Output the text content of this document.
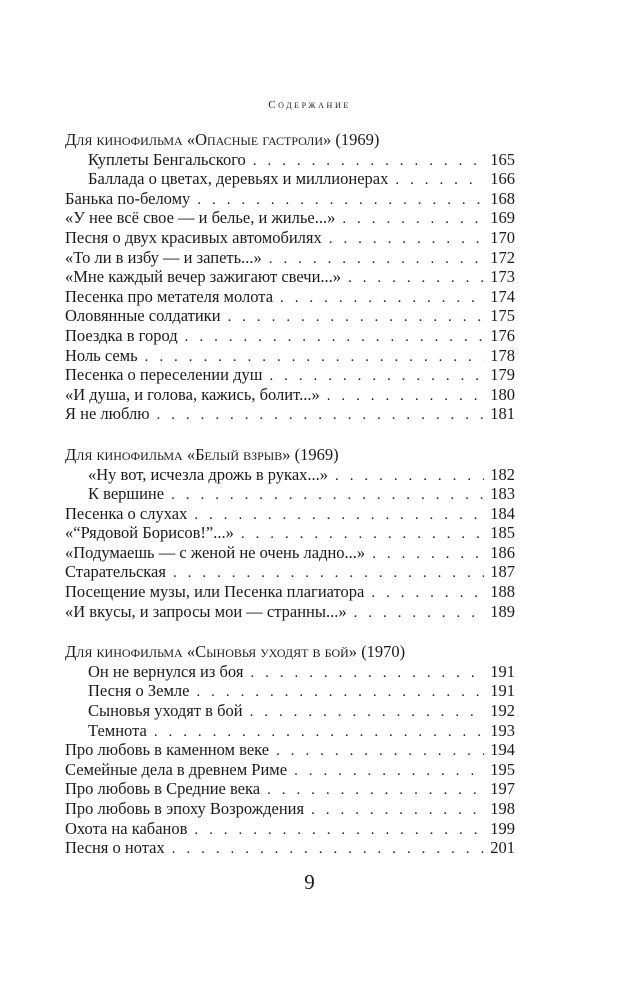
Содержание
Для кинофильма «Опасные гастроли» (1969)
Куплеты Бенгальского . . .	165
Баллада о цветах, деревьях и миллионерах . . .	166
Банька по-белому . . .	168
«У нее всё свое — и белье, и жилье...» . . .	169
Песня о двух красивых автомобилях . . .	170
«То ли в избу — и запеть...» . . .	172
«Мне каждый вечер зажигают свечи...» . . .	173
Песенка про метателя молота . . .	174
Оловянные солдатики . . .	175
Поездка в город . . .	176
Ноль семь . . .	178
Песенка о переселении душ . . .	179
«И душа, и голова, кажись, болит...» . . .	180
Я не люблю . . .	181
Для кинофильма «Белый взрыв» (1969)
«Ну вот, исчезла дрожь в руках...» . . .	182
К вершине . . .	183
Песенка о слухах . . .	184
«“Рядовой Борисов!”...» . . .	185
«Подумаешь — с женой не очень ладно...» . . .	186
Старательская . . .	187
Посещение музы, или Песенка плагиатора . . .	188
«И вкусы, и запросы мои — странны...» . . .	189
Для кинофильма «Сыновья уходят в бой» (1970)
Он не вернулся из боя . . .	191
Песня о Земле . . .	191
Сыновья уходят в бой . . .	192
Темнота . . .	193
Про любовь в каменном веке . . .	194
Семейные дела в древнем Риме . . .	195
Про любовь в Средние века . . .	197
Про любовь в эпоху Возрождения . . .	198
Охота на кабанов . . .	199
Песня о нотах . . .	201
9
